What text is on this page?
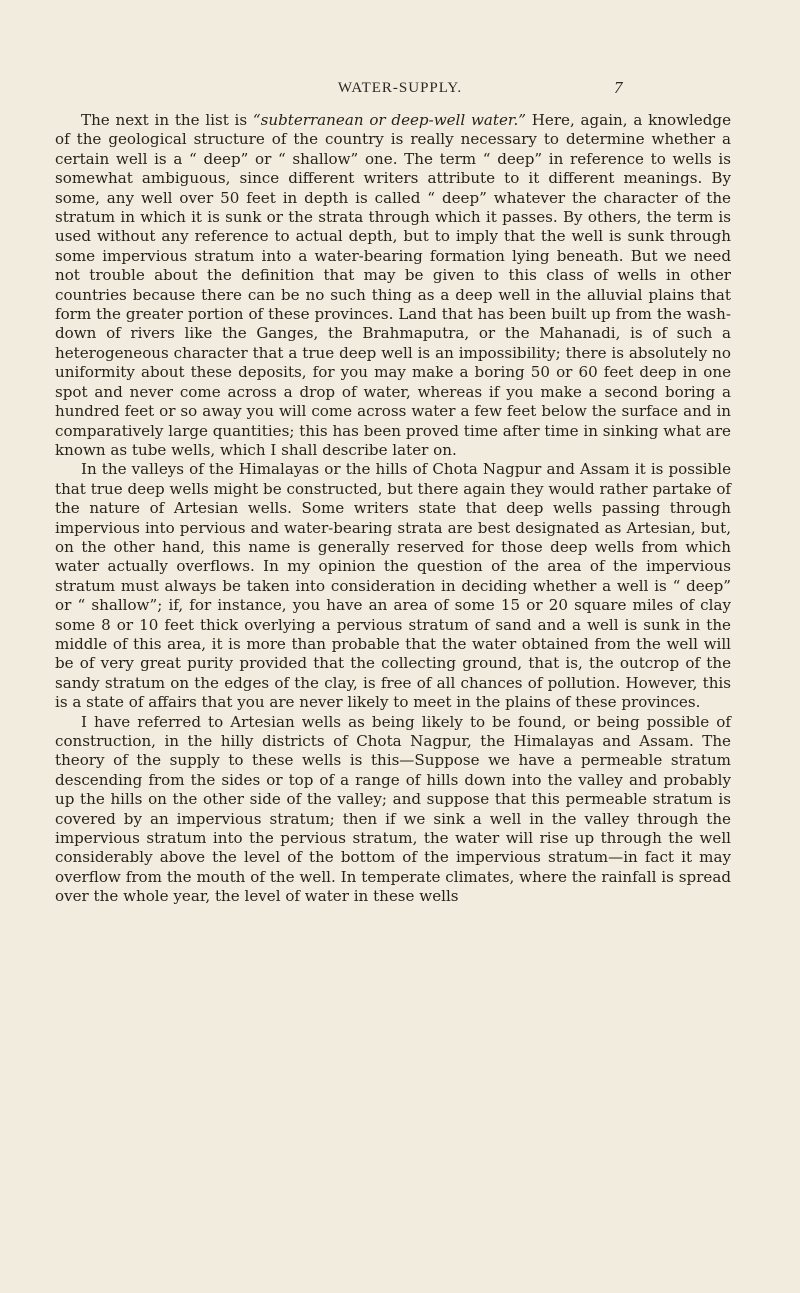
WATER-SUPPLY.	7

The next in the list is “subterranean or deep-well water.” Here, again, a knowledge of the geological structure of the country is really necessary to determine whether a certain well is a “ deep” or “ shallow” one. The term “ deep” in reference to wells is somewhat ambiguous, since different writers attribute to it different meanings. By some, any well over 50 feet in depth is called “ deep” whatever the character of the stratum in which it is sunk or the strata through which it passes. By others, the term is used without any reference to actual depth, but to imply that the well is sunk through some impervious stratum into a water-bearing formation lying beneath. But we need not trouble about the definition that may be given to this class of wells in other countries because there can be no such thing as a deep well in the alluvial plains that form the greater portion of these provinces. Land that has been built up from the wash-down of rivers like the Ganges, the Brahmaputra, or the Mahanadi, is of such a heterogeneous character that a true deep well is an impossibility; there is absolutely no uniformity about these deposits, for you may make a boring 50 or 60 feet deep in one spot and never come across a drop of water, whereas if you make a second boring a hundred feet or so away you will come across water a few feet below the surface and in comparatively large quantities; this has been proved time after time in sinking what are known as tube wells, which I shall describe later on.

In the valleys of the Himalayas or the hills of Chota Nagpur and Assam it is possible that true deep wells might be constructed, but there again they would rather partake of the nature of Artesian wells. Some writers state that deep wells passing through impervious into pervious and water-bearing strata are best designated as Artesian, but, on the other hand, this name is generally reserved for those deep wells from which water actually overflows. In my opinion the question of the area of the impervious stratum must always be taken into consideration in deciding whether a well is “ deep” or “ shallow”; if, for instance, you have an area of some 15 or 20 square miles of clay some 8 or 10 feet thick overlying a pervious stratum of sand and a well is sunk in the middle of this area, it is more than probable that the water obtained from the well will be of very great purity provided that the collecting ground, that is, the outcrop of the sandy stratum on the edges of the clay, is free of all chances of pollution. However, this is a state of affairs that you are never likely to meet in the plains of these provinces.

I have referred to Artesian wells as being likely to be found, or being possible of construction, in the hilly districts of Chota Nagpur, the Himalayas and Assam. The theory of the supply to these wells is this—Suppose we have a permeable stratum descending from the sides or top of a range of hills down into the valley and probably up the hills on the other side of the valley; and suppose that this permeable stratum is covered by an impervious stratum; then if we sink a well in the valley through the impervious stratum into the pervious stratum, the water will rise up through the well considerably above the level of the bottom of the impervious stratum—in fact it may overflow from the mouth of the well. In temperate climates, where the rainfall is spread over the whole year, the level of water in these wells
